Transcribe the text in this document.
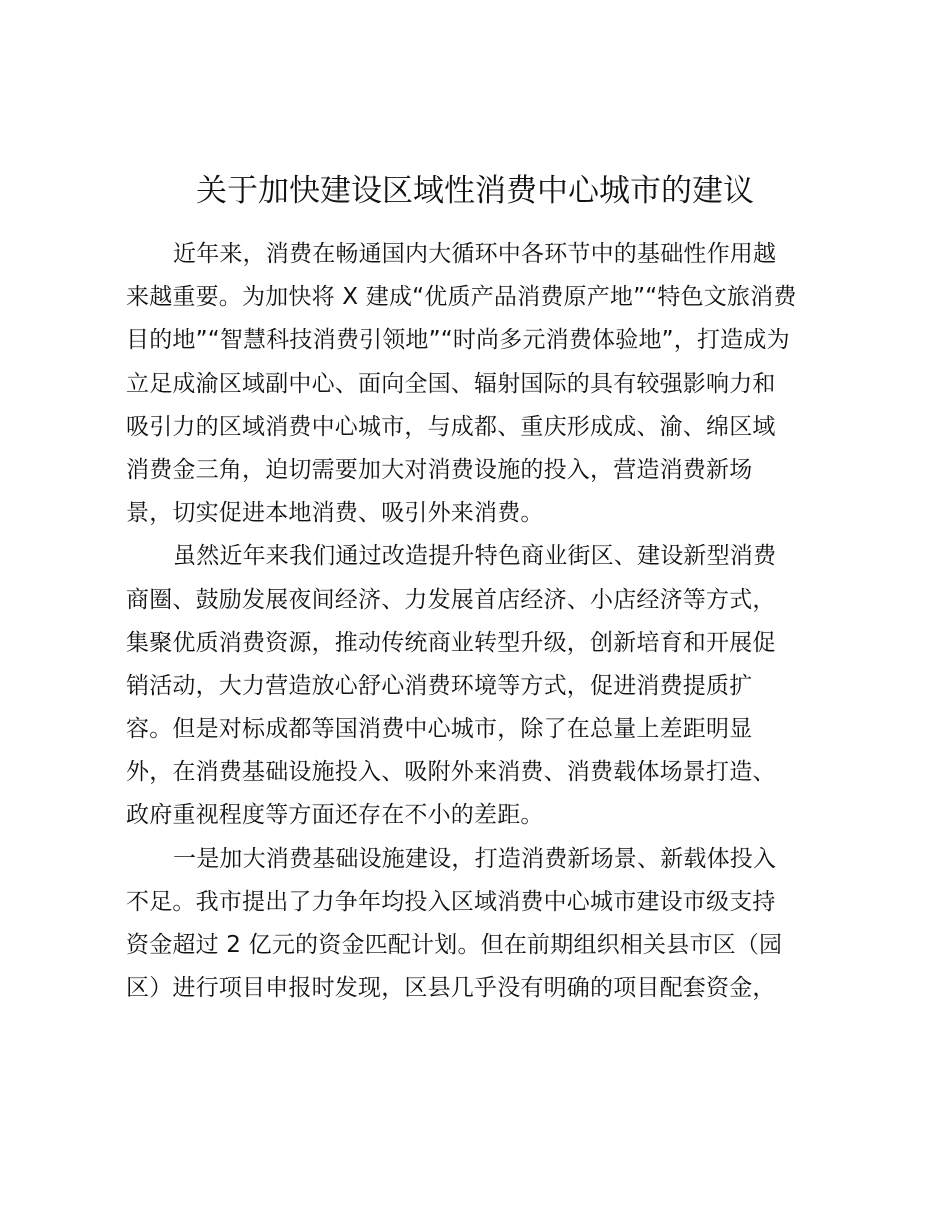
关于加快建设区域性消费中心城市的建议

近年来，消费在畅通国内大循环中各环节中的基础性作用越
来越重要。为加快将 X 建成“优质产品消费原产地”“特色文旅消费
目的地”“智慧科技消费引领地”“时尚多元消费体验地”，打造成为
立足成渝区域副中心、面向全国、辐射国际的具有较强影响力和
吸引力的区域消费中心城市，与成都、重庆形成成、渝、绵区域
消费金三角，迫切需要加大对消费设施的投入，营造消费新场
景，切实促进本地消费、吸引外来消费。

虽然近年来我们通过改造提升特色商业街区、建设新型消费
商圈、鼓励发展夜间经济、力发展首店经济、小店经济等方式，
集聚优质消费资源，推动传统商业转型升级，创新培育和开展促
销活动，大力营造放心舒心消费环境等方式，促进消费提质扩
容。但是对标成都等国消费中心城市，除了在总量上差距明显
外，在消费基础设施投入、吸附外来消费、消费载体场景打造、
政府重视程度等方面还存在不小的差距。

一是加大消费基础设施建设，打造消费新场景、新载体投入
不足。我市提出了力争年均投入区域消费中心城市建设市级支持
资金超过 2 亿元的资金匹配计划。但在前期组织相关县市区（园
区）进行项目申报时发现，区县几乎没有明确的项目配套资金，
